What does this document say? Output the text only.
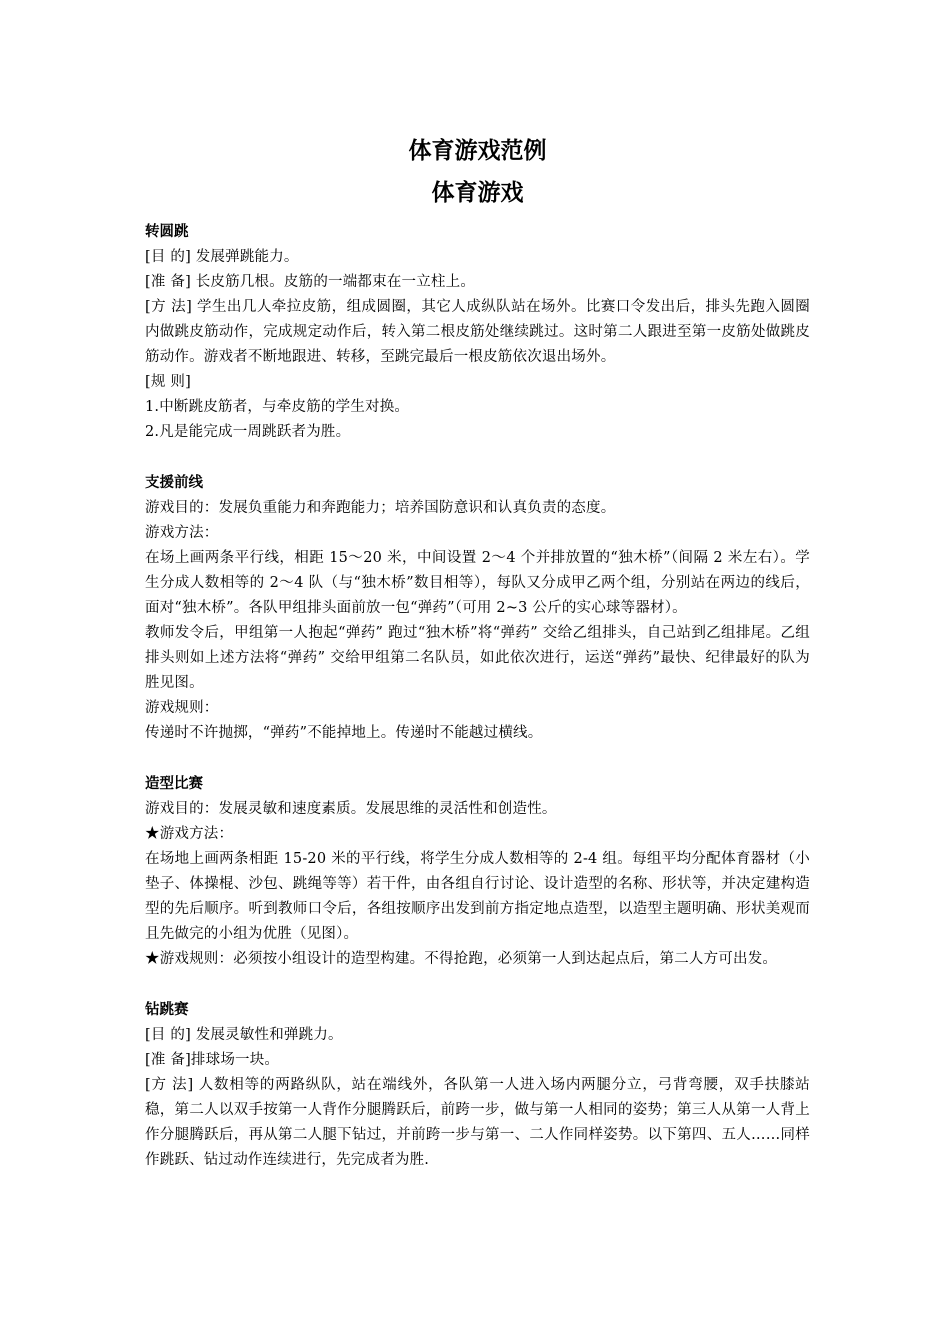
体育游戏范例
体育游戏

转圆跳

[目 的] 发展弹跳能力。

[准 备] 长皮筋几根。皮筋的一端都束在一立柱上。

[方 法] 学生出几人牵拉皮筋，组成圆圈，其它人成纵队站在场外。比赛口令发出后，排头先跑入圆圈内做跳皮筋动作，完成规定动作后，转入第二根皮筋处继续跳过。这时第二人跟进至第一皮筋处做跳皮筋动作。游戏者不断地跟进、转移，至跳完最后一根皮筋依次退出场外。

[规 则]

1.中断跳皮筋者，与牵皮筋的学生对换。

2.凡是能完成一周跳跃者为胜。

支援前线

游戏目的：发展负重能力和奔跑能力；培养国防意识和认真负责的态度。

游戏方法：

在场上画两条平行线，相距 15～20 米，中间设置 2～4 个并排放置的“独木桥”（间隔 2 米左右）。学生分成人数相等的 2～4 队（与“独木桥”数目相等），每队又分成甲乙两个组，分别站在两边的线后，面对“独木桥”。各队甲组排头面前放一包“弹药”（可用 2~3 公斤的实心球等器材）。

教师发令后，甲组第一人抱起“弹药” 跑过“独木桥”将“弹药” 交给乙组排头，自己站到乙组排尾。乙组排头则如上述方法将“弹药” 交给甲组第二名队员，如此依次进行，运送“弹药”最快、纪律最好的队为胜见图。

游戏规则：

传递时不许抛掷，“弹药”不能掉地上。传递时不能越过横线。

造型比赛

游戏目的：发展灵敏和速度素质。发展思维的灵活性和创造性。

★游戏方法：

在场地上画两条相距 15-20 米的平行线，将学生分成人数相等的 2-4 组。每组平均分配体育器材（小垫子、体操棍、沙包、跳绳等等）若干件，由各组自行讨论、设计造型的名称、形状等，并决定建构造型的先后顺序。听到教师口令后，各组按顺序出发到前方指定地点造型，以造型主题明确、形状美观而且先做完的小组为优胜（见图）。

★游戏规则：必须按小组设计的造型构建。不得抢跑，必须第一人到达起点后，第二人方可出发。

钻跳赛

[目 的] 发展灵敏性和弹跳力。

[准 备]排球场一块。

[方 法] 人数相等的两路纵队，站在端线外，各队第一人进入场内两腿分立，弓背弯腰，双手扶膝站稳，第二人以双手按第一人背作分腿腾跃后，前跨一步，做与第一人相同的姿势；第三人从第一人背上作分腿腾跃后，再从第二人腿下钻过，并前跨一步与第一、二人作同样姿势。以下第四、五人……同样作跳跃、钻过动作连续进行，先完成者为胜.
